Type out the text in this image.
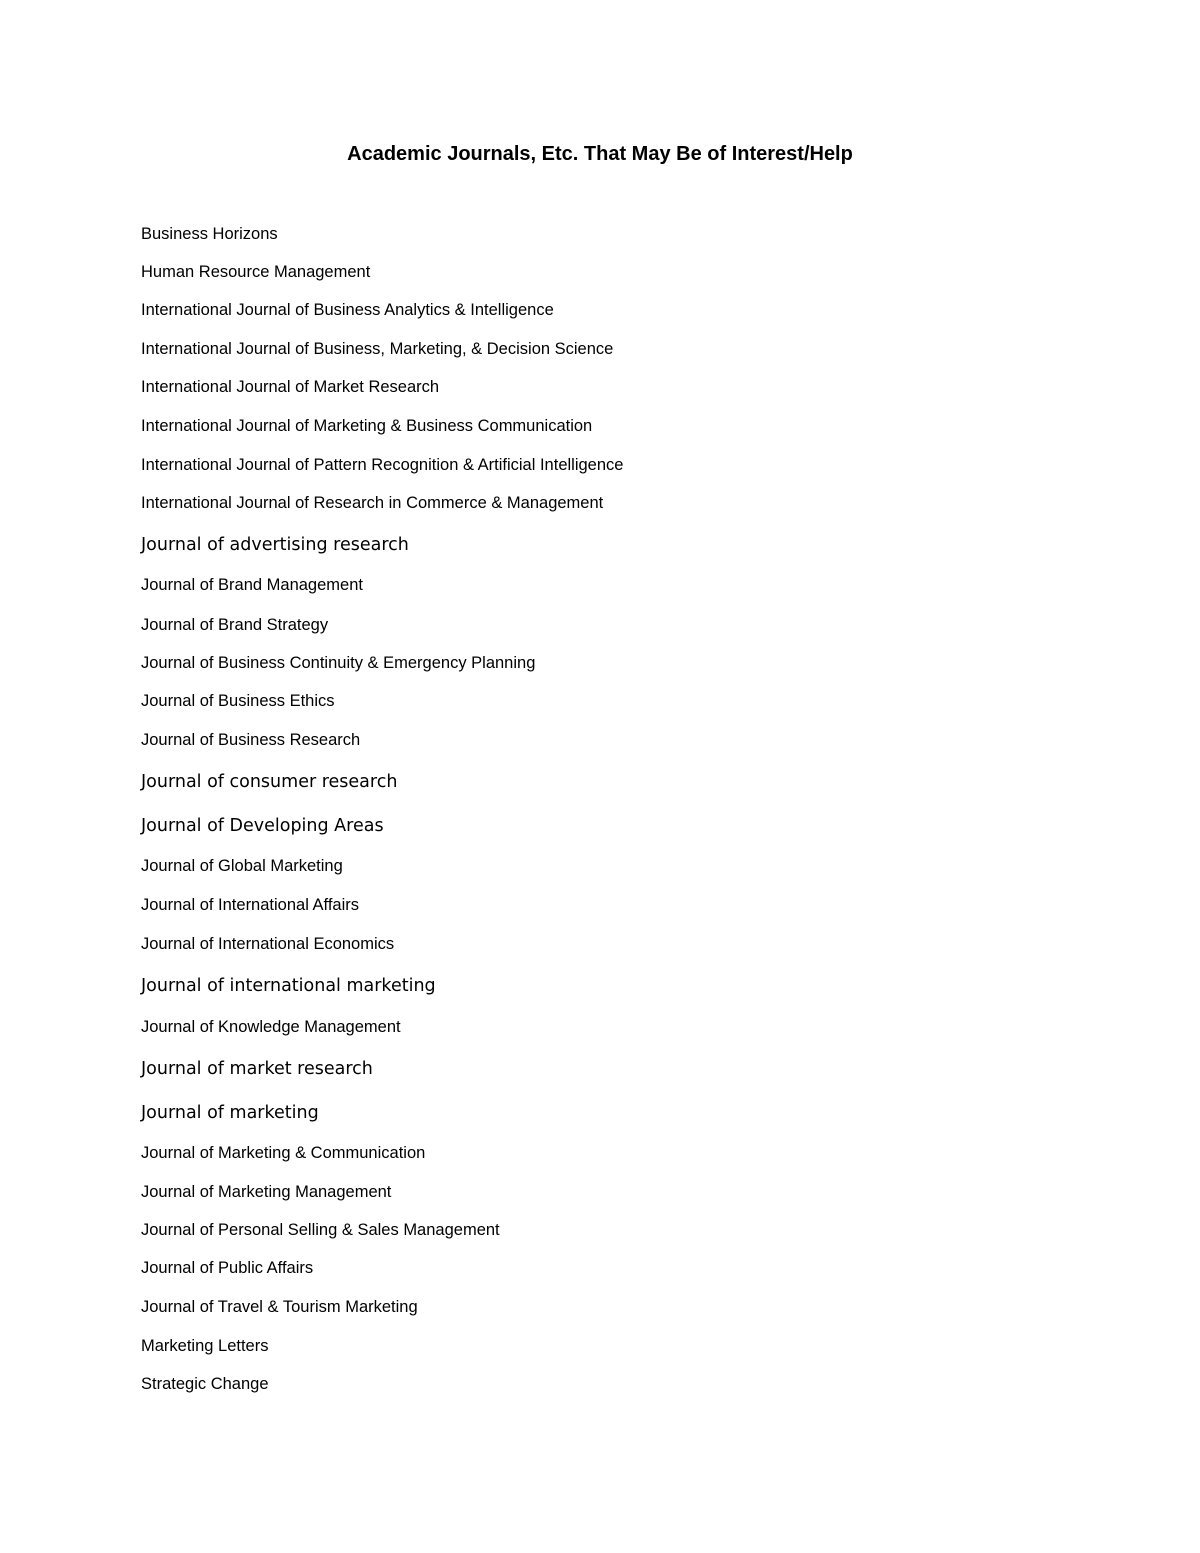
Academic Journals, Etc. That May Be of Interest/Help
Business Horizons
Human Resource Management
International Journal of Business Analytics & Intelligence
International Journal of Business, Marketing, & Decision Science
International Journal of Market Research
International Journal of Marketing & Business Communication
International Journal of Pattern Recognition & Artificial Intelligence
International Journal of Research in Commerce & Management
Journal of advertising research
Journal of Brand Management
Journal of Brand Strategy
Journal of Business Continuity & Emergency Planning
Journal of Business Ethics
Journal of Business Research
Journal of consumer research
Journal of Developing Areas
Journal of Global Marketing
Journal of International Affairs
Journal of International Economics
Journal of international marketing
Journal of Knowledge Management
Journal of market research
Journal of marketing
Journal of Marketing & Communication
Journal of Marketing Management
Journal of Personal Selling & Sales Management
Journal of Public Affairs
Journal of Travel & Tourism Marketing
Marketing Letters
Strategic Change
